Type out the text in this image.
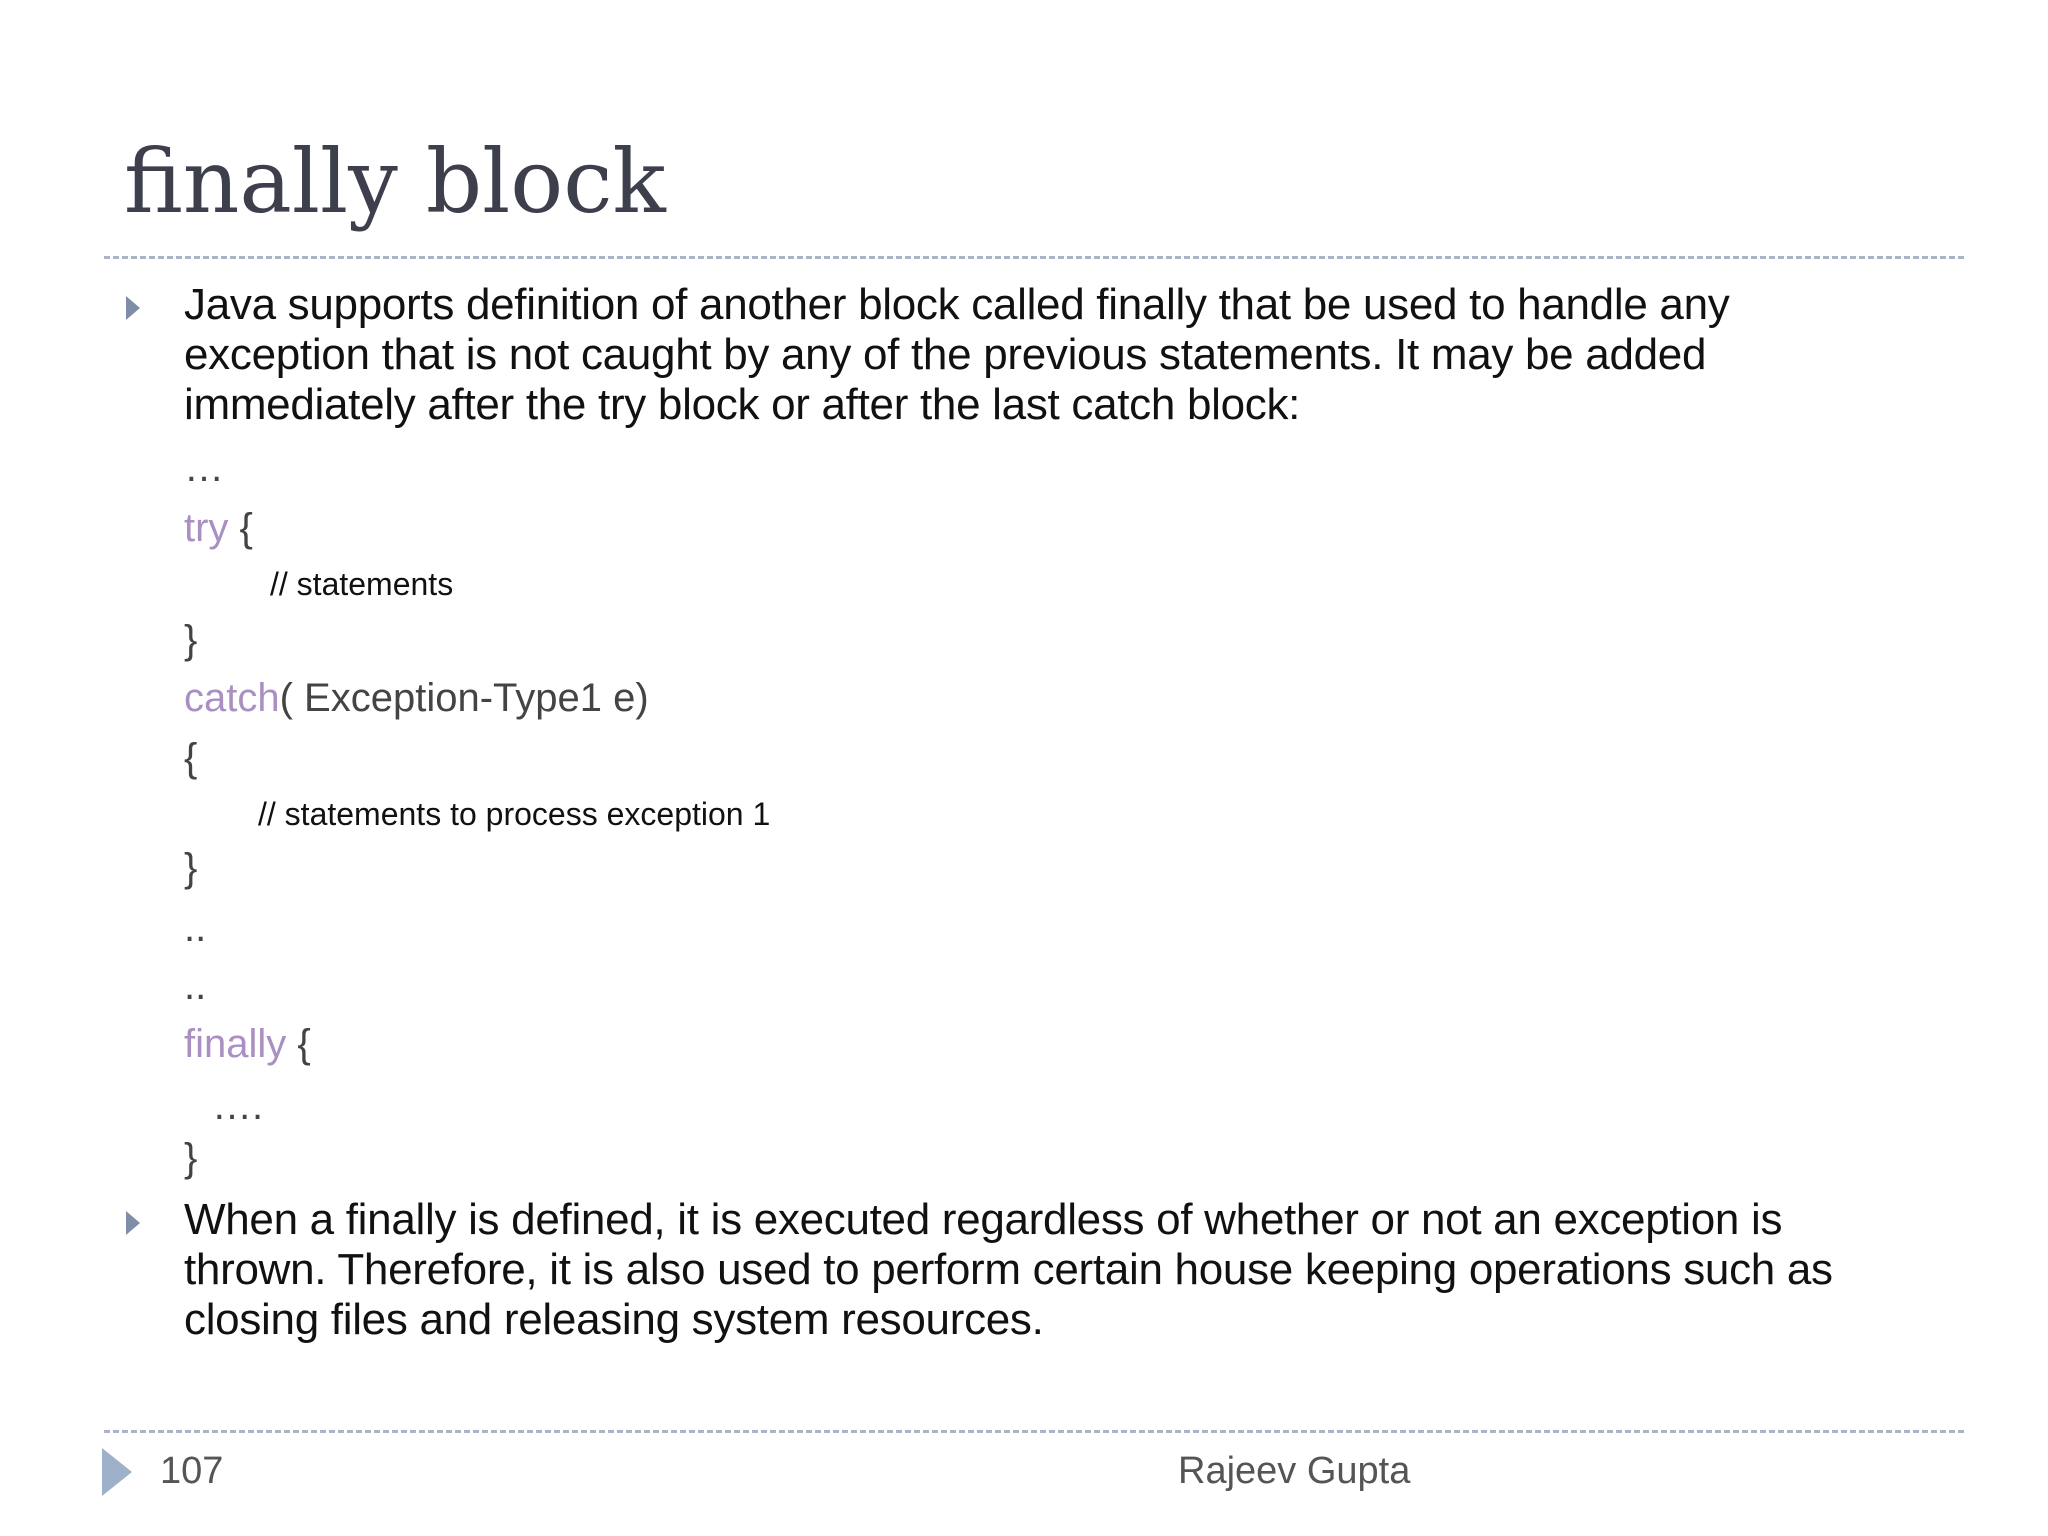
finally block
Java supports definition of another block called finally that be used to handle any exception that is not caught by any of the previous statements. It may be added immediately after the try block or after the last catch block:
…
try {
// statements
}
catch( Exception-Type1 e)
{
// statements to process exception 1
}
..
..
finally {
….
}
When a finally is defined, it is executed regardless of whether or not an exception is thrown. Therefore, it is also used to perform certain house keeping operations such as closing files and releasing system resources.
107	Rajeev Gupta
